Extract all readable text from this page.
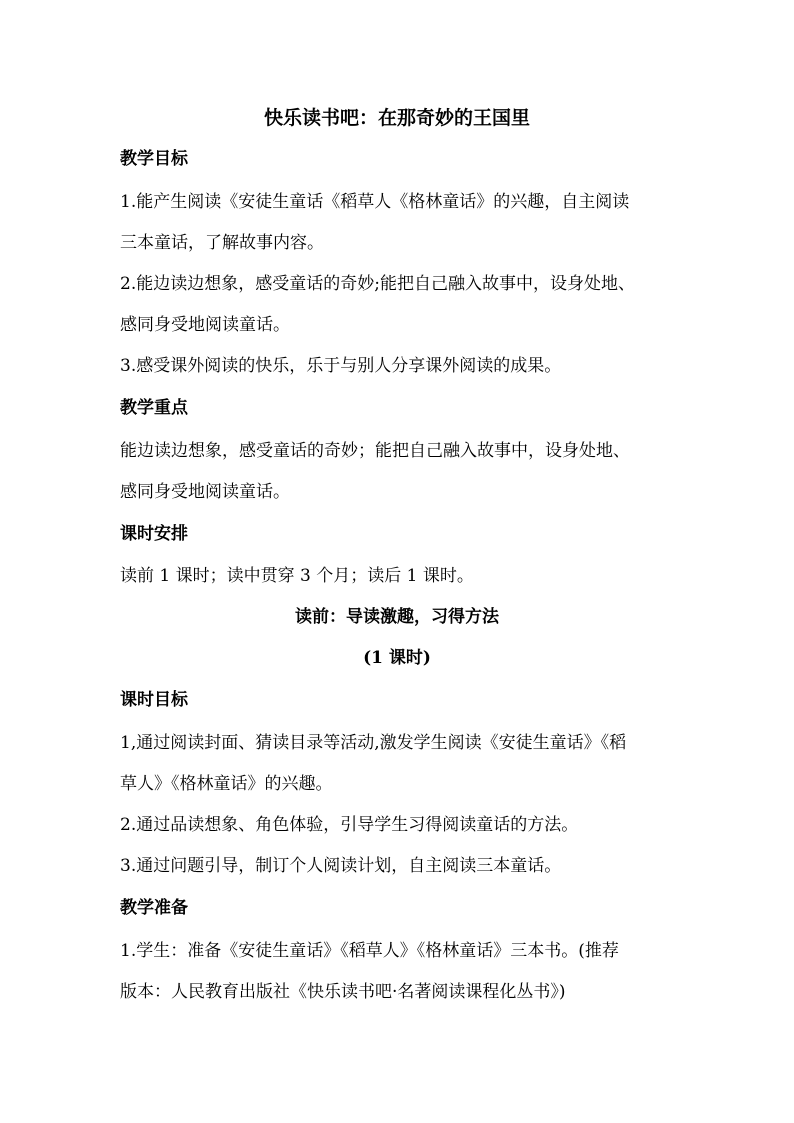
快乐读书吧：在那奇妙的王国里
教学目标
1.能产生阅读《安徒生童话《稻草人《格林童话》的兴趣，自主阅读
三本童话，了解故事内容。
2.能边读边想象，感受童话的奇妙;能把自己融入故事中，设身处地、
感同身受地阅读童话。
3.感受课外阅读的快乐，乐于与别人分享课外阅读的成果。
教学重点
能边读边想象，感受童话的奇妙；能把自己融入故事中，设身处地、
感同身受地阅读童话。
课时安排
读前 1 课时；读中贯穿 3 个月；读后 1 课时。
读前：导读激趣，习得方法
(1 课时)
课时目标
1,通过阅读封面、猜读目录等活动,激发学生阅读《安徒生童话》《稻
草人》《格林童话》的兴趣。
2.通过品读想象、角色体验，引导学生习得阅读童话的方法。
3.通过问题引导，制订个人阅读计划，自主阅读三本童话。
教学准备
1.学生：准备《安徒生童话》《稻草人》《格林童话》三本书。(推荐
版本：人民教育出版社《快乐读书吧·名著阅读课程化丛书》)
